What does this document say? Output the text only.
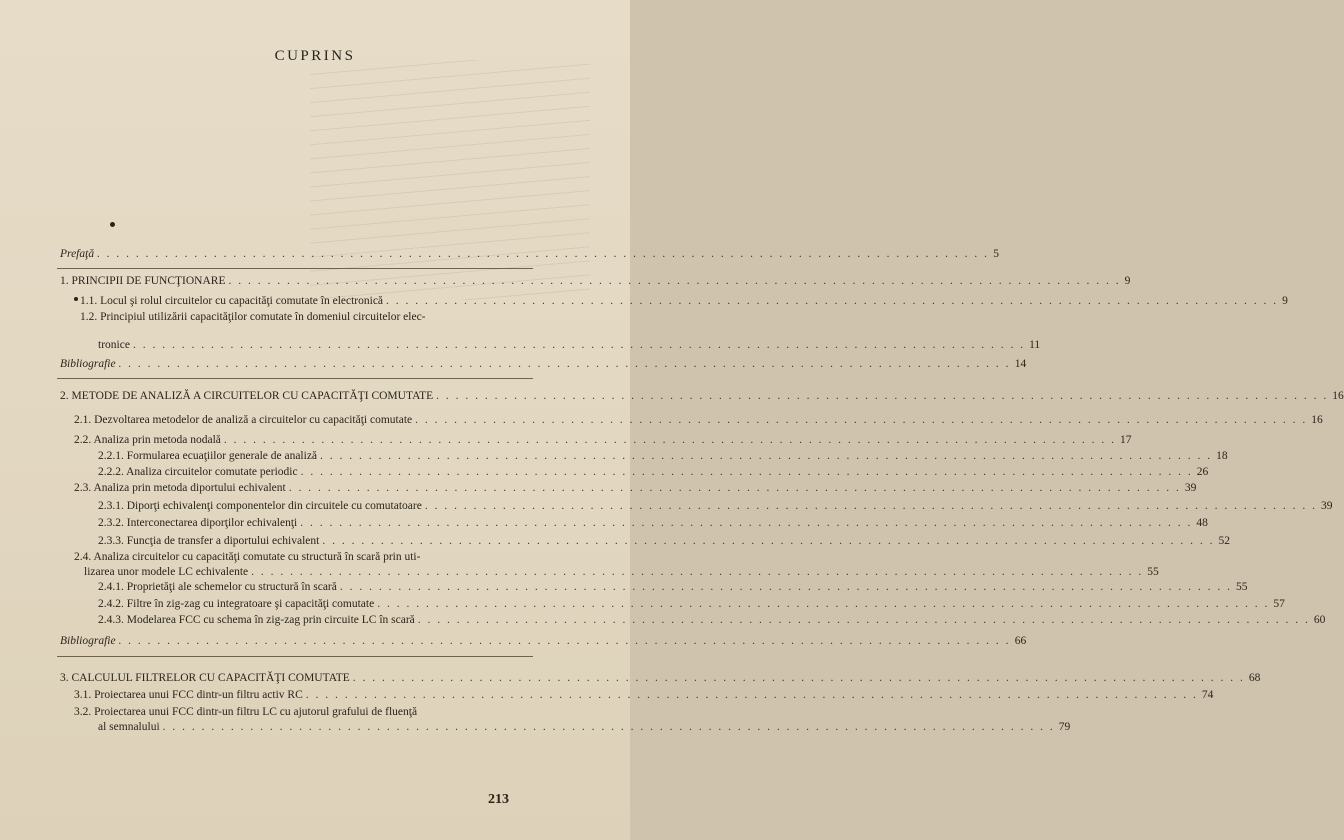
CUPRINS
Prefaţă . . . . . . . . . . . . . . . . . . . . . . . . . . . . . . . . . . . . . . . . . . . . . . . . . . . . . . . . . . . . . . . . . . . . . . . . . . . . . . . . . . . . . . . . . . . . 5
1. PRINCIPII DE FUNCŢIONARE . . . . . . . . . . . . . . . . . . . . . . . . . . . . . . . . . . . . . . . . . . . . . . . . . . . . . . . . . . . . . . . . . . . . . . . . . . . . . . . . . . . . . . . . . . . . 9
1.1. Locul şi rolul circuitelor cu capacităţi comutate în electronică . . . . . . . . . . . . . . . . . . . . . . . . . . . . . . . . . . . . . . . . . . . . . . . . . . . . . . . . . . . . . . . . . . . . . . . . . . . . . . . . . . . . . . . . . . . . 9
1.2. Principiul utilizării capacităţilor comutate în domeniul circuitelor elec-
tronice . . . . . . . . . . . . . . . . . . . . . . . . . . . . . . . . . . . . . . . . . . . . . . . . . . . . . . . . . . . . . . . . . . . . . . . . . . . . . . . . . . . . . . . . . . . . 11
Bibliografie . . . . . . . . . . . . . . . . . . . . . . . . . . . . . . . . . . . . . . . . . . . . . . . . . . . . . . . . . . . . . . . . . . . . . . . . . . . . . . . . . . . . . . . . . . . . 14
2. METODE DE ANALIZĂ A CIRCUITELOR CU CAPACITĂŢI COMUTATE . . . . . . . . . . . . . . . . . . . . . . . . . . . . . . . . . . . . . . . . . . . . . . . . . . . . . . . . . . . . . . . . . . . . . . . . . . . . . . . . . . . . . . . . . . . . 16
2.1. Dezvoltarea metodelor de analiză a circuitelor cu capacităţi comutate . . . . . . . . . . . . . . . . . . . . . . . . . . . . . . . . . . . . . . . . . . . . . . . . . . . . . . . . . . . . . . . . . . . . . . . . . . . . . . . . . . . . . . . . . . . . 16
2.2. Analiza prin metoda nodală . . . . . . . . . . . . . . . . . . . . . . . . . . . . . . . . . . . . . . . . . . . . . . . . . . . . . . . . . . . . . . . . . . . . . . . . . . . . . . . . . . . . . . . . . . . . 17
2.2.1. Formularea ecuaţiilor generale de analiză . . . . . . . . . . . . . . . . . . . . . . . . . . . . . . . . . . . . . . . . . . . . . . . . . . . . . . . . . . . . . . . . . . . . . . . . . . . . . . . . . . . . . . . . . . . . 18
2.2.2. Analiza circuitelor comutate periodic . . . . . . . . . . . . . . . . . . . . . . . . . . . . . . . . . . . . . . . . . . . . . . . . . . . . . . . . . . . . . . . . . . . . . . . . . . . . . . . . . . . . . . . . . . . . 26
2.3. Analiza prin metoda diportului echivalent . . . . . . . . . . . . . . . . . . . . . . . . . . . . . . . . . . . . . . . . . . . . . . . . . . . . . . . . . . . . . . . . . . . . . . . . . . . . . . . . . . . . . . . . . . . . 39
2.3.1. Diporţi echivalenţi componentelor din circuitele cu comutatoare . . . . . . . . . . . . . . . . . . . . . . . . . . . . . . . . . . . . . . . . . . . . . . . . . . . . . . . . . . . . . . . . . . . . . . . . . . . . . . . . . . . . . . . . . . . . 39
2.3.2. Interconectarea diporţilor echivalenţi . . . . . . . . . . . . . . . . . . . . . . . . . . . . . . . . . . . . . . . . . . . . . . . . . . . . . . . . . . . . . . . . . . . . . . . . . . . . . . . . . . . . . . . . . . . . 48
2.3.3. Funcţia de transfer a diportului echivalent . . . . . . . . . . . . . . . . . . . . . . . . . . . . . . . . . . . . . . . . . . . . . . . . . . . . . . . . . . . . . . . . . . . . . . . . . . . . . . . . . . . . . . . . . . . . 52
2.4. Analiza circuitelor cu capacităţi comutate cu structură în scară prin uti-
lizarea unor modele LC echivalente . . . . . . . . . . . . . . . . . . . . . . . . . . . . . . . . . . . . . . . . . . . . . . . . . . . . . . . . . . . . . . . . . . . . . . . . . . . . . . . . . . . . . . . . . . . . 55
2.4.1. Proprietăţi ale schemelor cu structură în scară . . . . . . . . . . . . . . . . . . . . . . . . . . . . . . . . . . . . . . . . . . . . . . . . . . . . . . . . . . . . . . . . . . . . . . . . . . . . . . . . . . . . . . . . . . . . 55
2.4.2. Filtre în zig-zag cu integratoare şi capacităţi comutate . . . . . . . . . . . . . . . . . . . . . . . . . . . . . . . . . . . . . . . . . . . . . . . . . . . . . . . . . . . . . . . . . . . . . . . . . . . . . . . . . . . . . . . . . . . . 57
2.4.3. Modelarea FCC cu schema în zig-zag prin circuite LC în scară . . . . . . . . . . . . . . . . . . . . . . . . . . . . . . . . . . . . . . . . . . . . . . . . . . . . . . . . . . . . . . . . . . . . . . . . . . . . . . . . . . . . . . . . . . . . 60
Bibliografie . . . . . . . . . . . . . . . . . . . . . . . . . . . . . . . . . . . . . . . . . . . . . . . . . . . . . . . . . . . . . . . . . . . . . . . . . . . . . . . . . . . . . . . . . . . . 66
3. CALCULUL FILTRELOR CU CAPACITĂŢI COMUTATE . . . . . . . . . . . . . . . . . . . . . . . . . . . . . . . . . . . . . . . . . . . . . . . . . . . . . . . . . . . . . . . . . . . . . . . . . . . . . . . . . . . . . . . . . . . . 68
3.1. Proiectarea unui FCC dintr-un filtru activ RC . . . . . . . . . . . . . . . . . . . . . . . . . . . . . . . . . . . . . . . . . . . . . . . . . . . . . . . . . . . . . . . . . . . . . . . . . . . . . . . . . . . . . . . . . . . . 74
3.2. Proiectarea unui FCC dintr-un filtru LC cu ajutorul grafului de fluenţă
al semnalului . . . . . . . . . . . . . . . . . . . . . . . . . . . . . . . . . . . . . . . . . . . . . . . . . . . . . . . . . . . . . . . . . . . . . . . . . . . . . . . . . . . . . . . . . . . . 79
213
